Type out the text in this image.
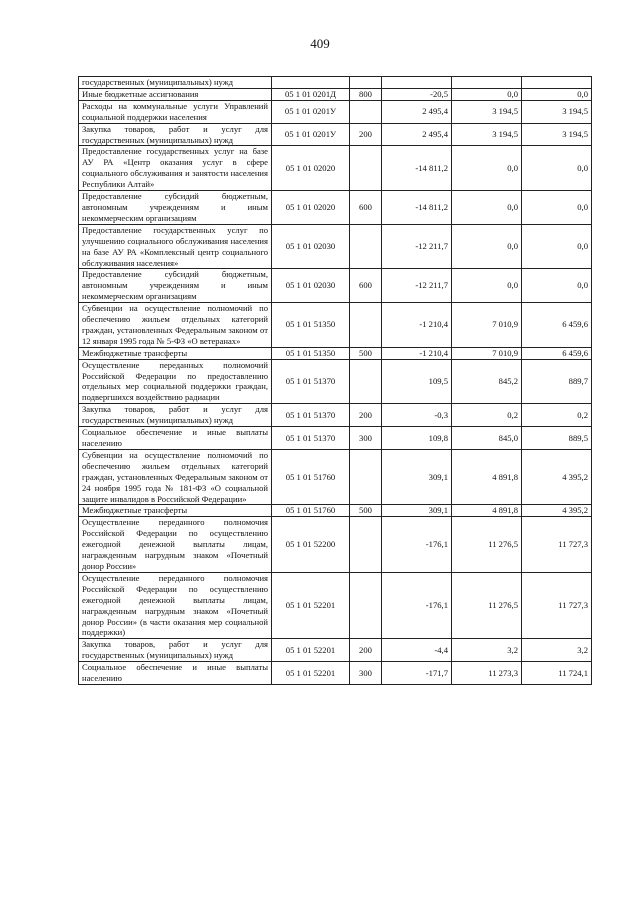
409
государственных (муниципальных) нужд					
Иные бюджетные ассигнования	05 1 01 0201Д	800	-20,5	0,0	0,0
Расходы на коммунальные услуги Управлений социальной поддержки населения	05 1 01 0201У		2 495,4	3 194,5	3 194,5
Закупка товаров, работ и услуг для государственных (муниципальных) нужд	05 1 01 0201У	200	2 495,4	3 194,5	3 194,5
Предоставление государственных услуг на базе АУ РА «Центр оказания услуг в сфере социального обслуживания и занятости населения Республики Алтай»	05 1 01 02020		-14 811,2	0,0	0,0
Предоставление субсидий бюджетным, автономным учреждениям и иным некоммерческим организациям	05 1 01 02020	600	-14 811,2	0,0	0,0
Предоставление государственных услуг по улучшению социального обслуживания населения на базе АУ РА «Комплексный центр социального обслуживания населения»	05 1 01 02030		-12 211,7	0,0	0,0
Предоставление субсидий бюджетным, автономным учреждениям и иным некоммерческим организациям	05 1 01 02030	600	-12 211,7	0,0	0,0
Субвенции на осуществление полномочий по обеспечению жильем отдельных категорий граждан, установленных Федеральным законом от 12 января 1995 года № 5-ФЗ «О ветеранах»	05 1 01 51350		-1 210,4	7 010,9	6 459,6
Межбюджетные трансферты	05 1 01 51350	500	-1 210,4	7 010,9	6 459,6
Осуществление переданных полномочий Российской Федерации по предоставлению отдельных мер социальной поддержки граждан, подвергшихся воздействию радиации	05 1 01 51370		109,5	845,2	889,7
Закупка товаров, работ и услуг для государственных (муниципальных) нужд	05 1 01 51370	200	-0,3	0,2	0,2
Социальное обеспечение и иные выплаты населению	05 1 01 51370	300	109,8	845,0	889,5
Субвенции на осуществление полномочий по обеспечению жильем отдельных категорий граждан, установленных Федеральным законом от 24 ноября 1995 года № 181-ФЗ «О социальной защите инвалидов в Российской Федерации»	05 1 01 51760		309,1	4 891,8	4 395,2
Межбюджетные трансферты	05 1 01 51760	500	309,1	4 891,8	4 395,2
Осуществление переданного полномочия Российской Федерации по осуществлению ежегодной денежной выплаты лицам, награжденным нагрудным знаком «Почетный донор России»	05 1 01 52200		-176,1	11 276,5	11 727,3
Осуществление переданного полномочия Российской Федерации по осуществлению ежегодной денежной выплаты лицам, награжденным нагрудным знаком «Почетный донор России» (в части оказания мер социальной поддержки)	05 1 01 52201		-176,1	11 276,5	11 727,3
Закупка товаров, работ и услуг для государственных (муниципальных) нужд	05 1 01 52201	200	-4,4	3,2	3,2
Социальное обеспечение и иные выплаты населению	05 1 01 52201	300	-171,7	11 273,3	11 724,1
